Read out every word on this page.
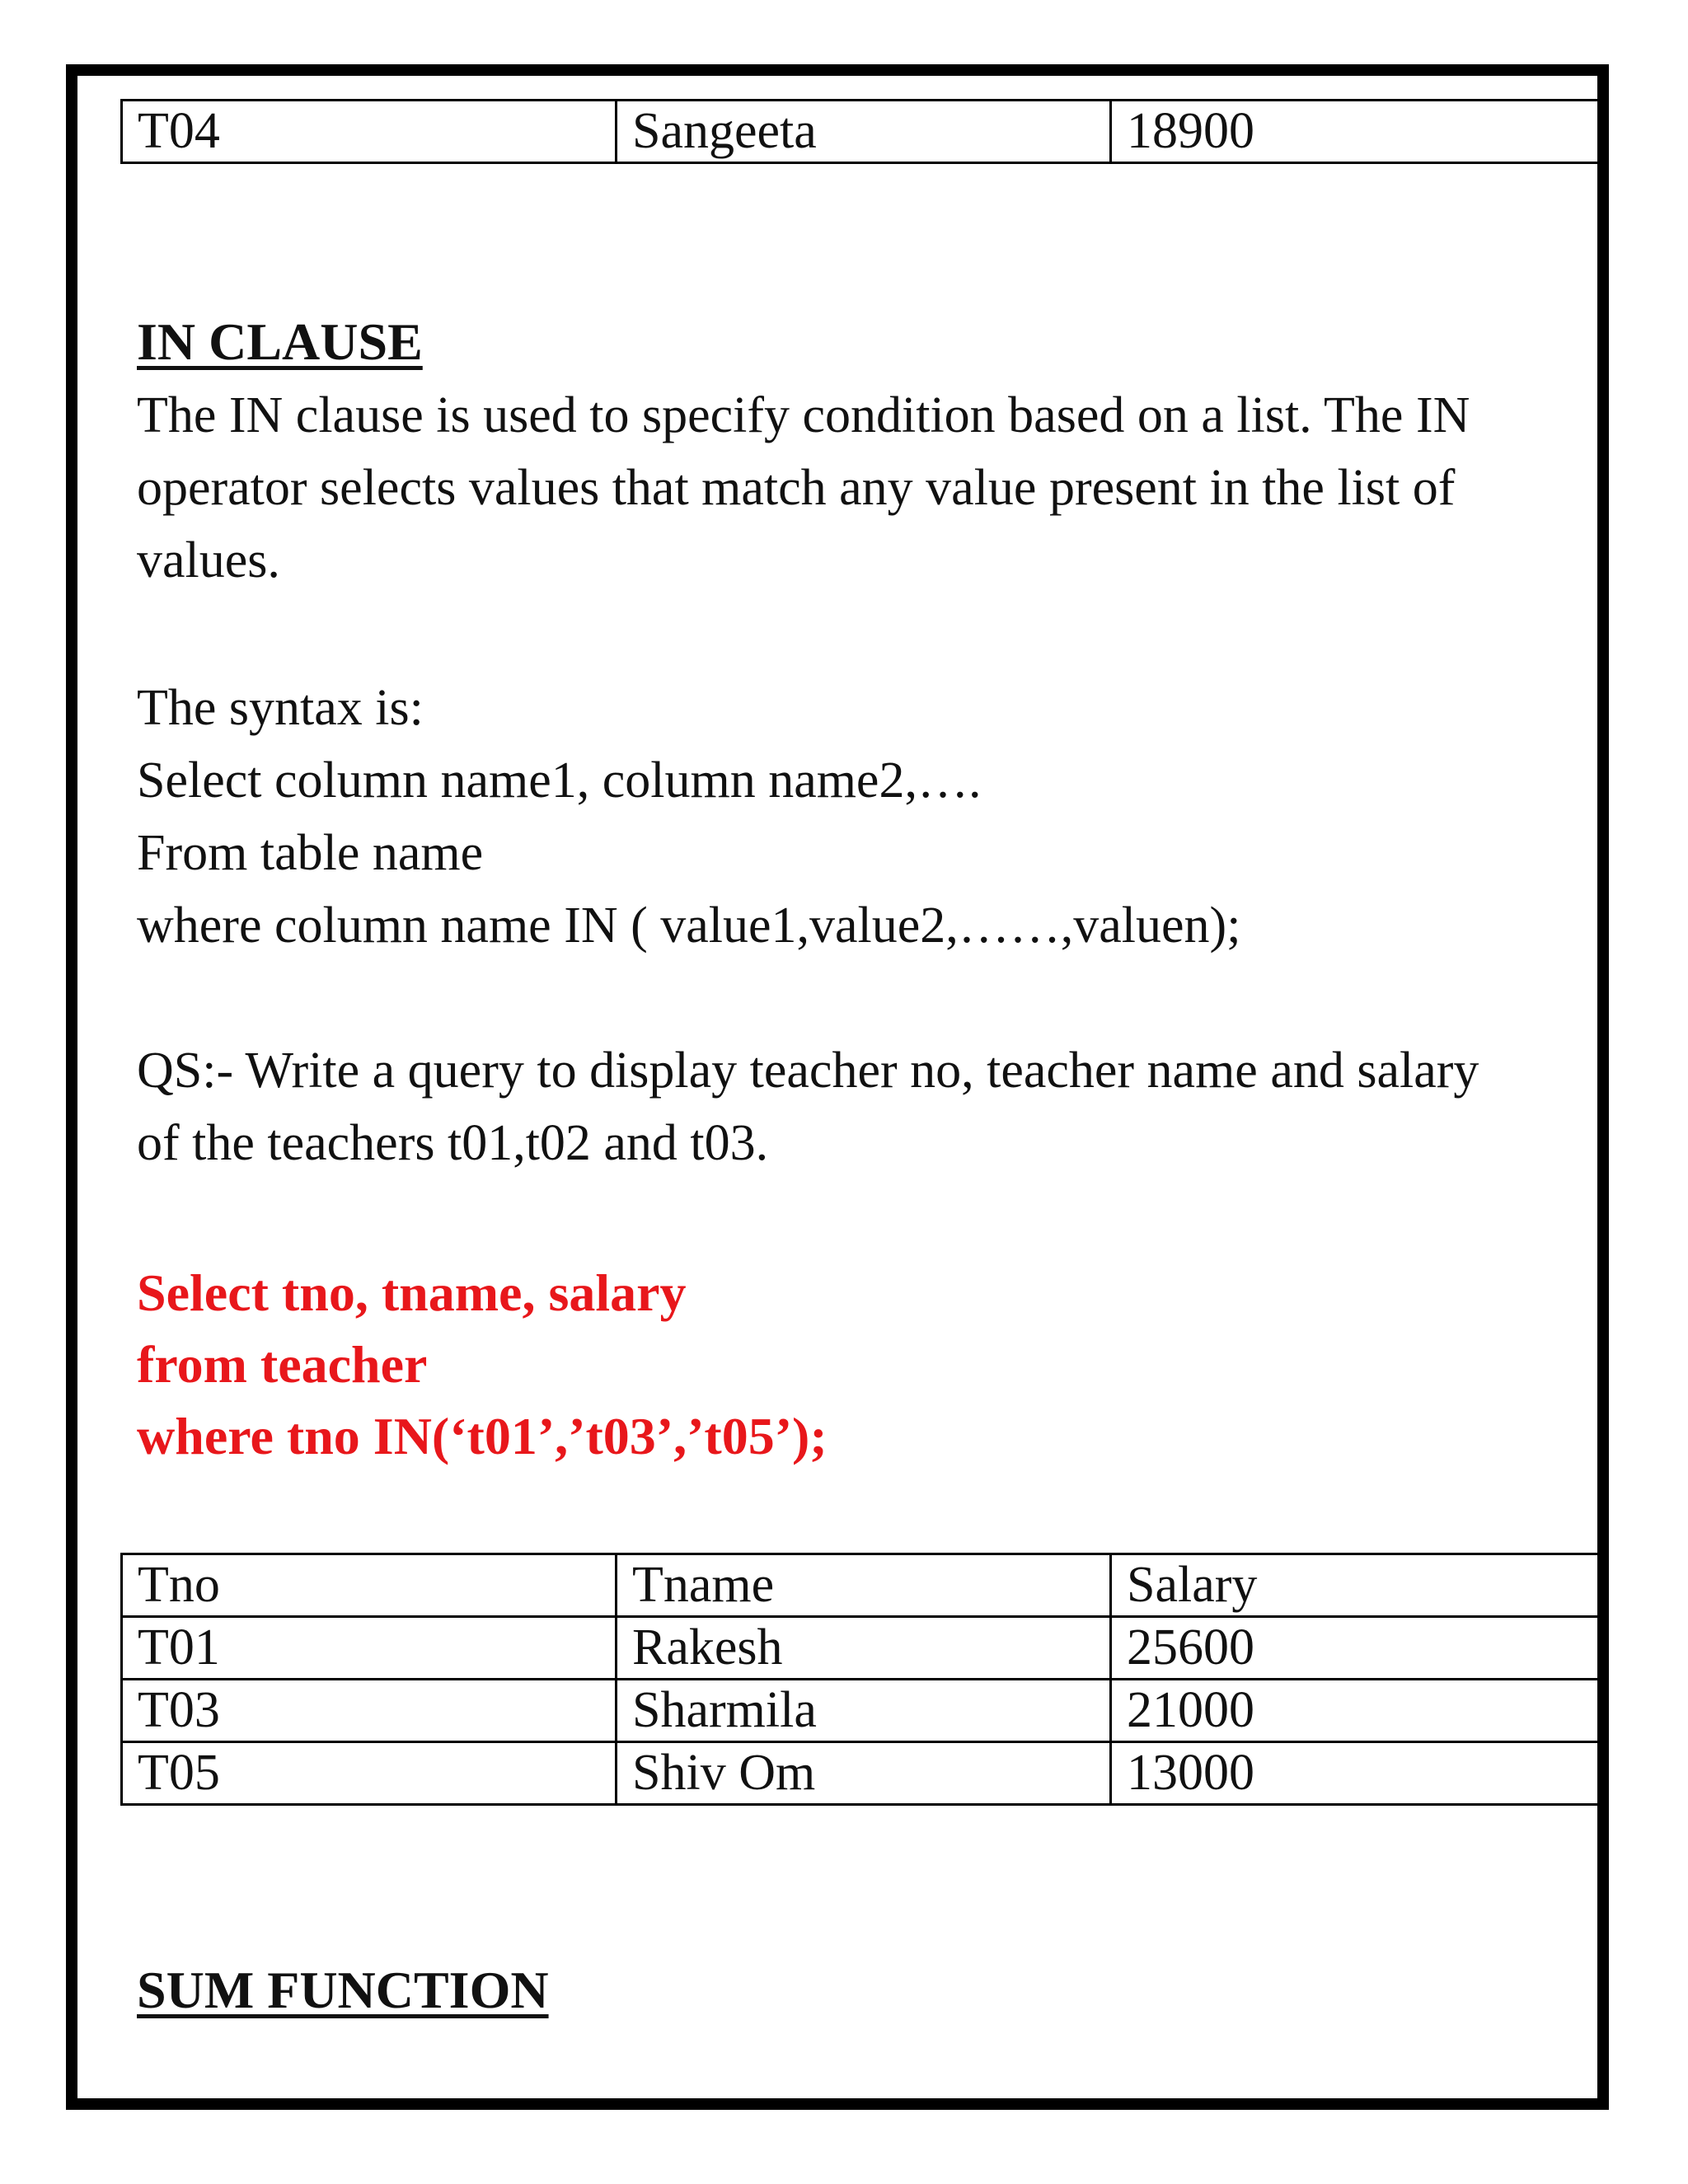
T04	Sangeeta	18900
IN CLAUSE

The IN clause is used to specify condition based on a list. The IN
operator selects values that match any value present in the list of
values.

The syntax is:
Select column name1, column name2,….
From table name
where column name IN ( value1,value2,……,valuen);

QS:- Write a query to display teacher no, teacher name and salary
of the teachers t01,t02 and t03.

Select tno, tname, salary
from teacher
where tno IN(‘t01’,’t03’,’t05’);
Tno	Tname	Salary
T01	Rakesh	25600
T03	Sharmila	21000
T05	Shiv Om	13000
SUM FUNCTION
